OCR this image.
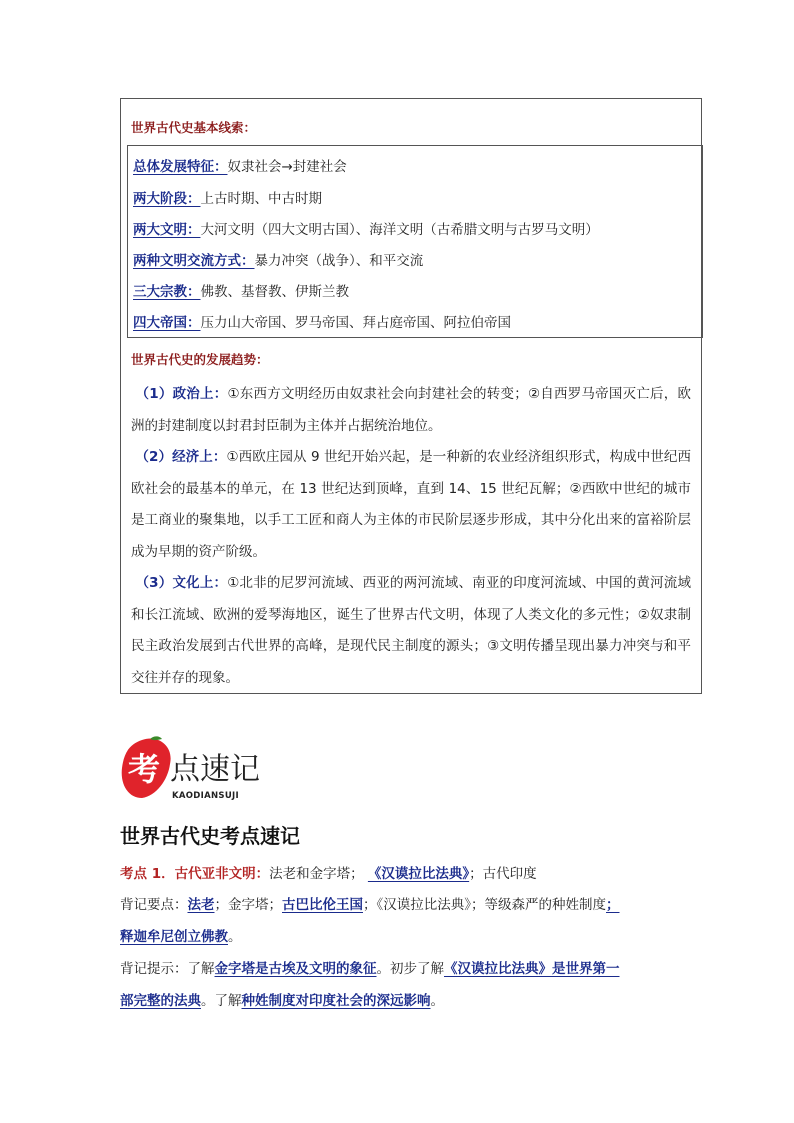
世界古代史基本线索：
总体发展特征：奴隶社会→封建社会
两大阶段：上古时期、中古时期
两大文明：大河文明（四大文明古国）、海洋文明（古希腊文明与古罗马文明）
两种文明交流方式：暴力冲突（战争）、和平交流
三大宗教：佛教、基督教、伊斯兰教
四大帝国：压力山大帝国、罗马帝国、拜占庭帝国、阿拉伯帝国
世界古代史的发展趋势：
（1）政治上：①东西方文明经历由奴隶社会向封建社会的转变；②自西罗马帝国灭亡后，欧洲的封建制度以封君封臣制为主体并占据统治地位。
（2）经济上：①西欧庄园从 9 世纪开始兴起，是一种新的农业经济组织形式，构成中世纪西欧社会的最基本的单元，在 13 世纪达到顶峰，直到 14、15 世纪瓦解；②西欧中世纪的城市是工商业的聚集地，以手工工匠和商人为主体的市民阶层逐步形成，其中分化出来的富裕阶层成为早期的资产阶级。
（3）文化上：①北非的尼罗河流域、西亚的两河流域、南亚的印度河流域、中国的黄河流域和长江流域、欧洲的爱琴海地区，诞生了世界古代文明，体现了人类文化的多元性；②奴隶制民主政治发展到古代世界的高峰，是现代民主制度的源头；③文明传播呈现出暴力冲突与和平交往并存的现象。
考 点速记
KAODIANSUJI
世界古代史考点速记
考点 1．古代亚非文明：法老和金字塔； 《汉谟拉比法典》；古代印度
背记要点：法老；金字塔；古巴比伦王国；《汉谟拉比法典》；等级森严的种姓制度；
释迦牟尼创立佛教。
背记提示：了解金字塔是古埃及文明的象征。初步了解《汉谟拉比法典》是世界第一
部完整的法典。了解种姓制度对印度社会的深远影响。
